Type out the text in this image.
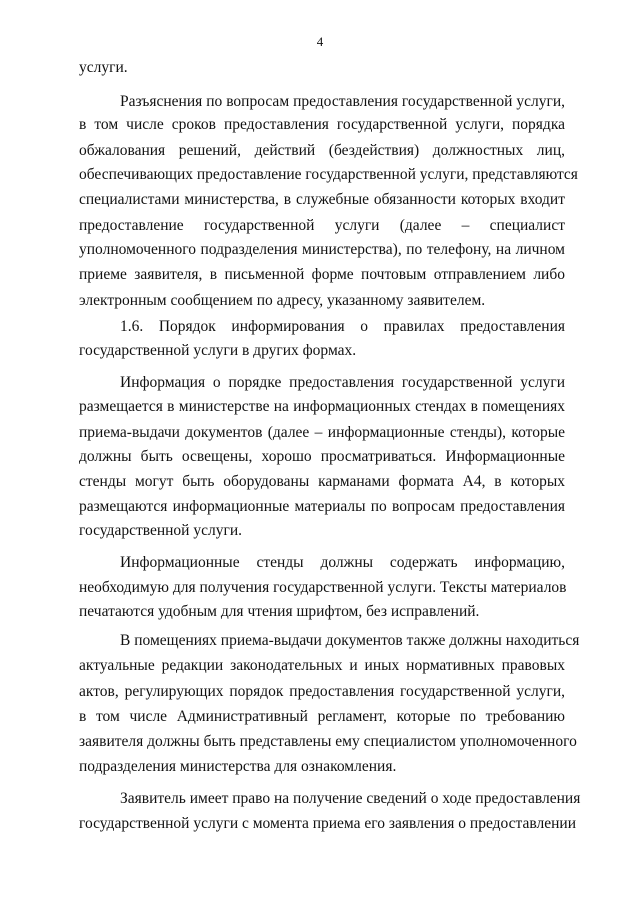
4
услуги.
Разъяснения по вопросам предоставления государственной услуги,
в том числе сроков предоставления государственной услуги, порядка
обжалования решений, действий (бездействия) должностных лиц,
обеспечивающих предоставление государственной услуги, представляются
специалистами министерства, в служебные обязанности которых входит
предоставление государственной услуги (далее – специалист
уполномоченного подразделения министерства), по телефону, на личном
приеме заявителя, в письменной форме почтовым отправлением либо
электронным сообщением по адресу, указанному заявителем.
1.6. Порядок информирования о правилах предоставления
государственной услуги в других формах.
Информация о порядке предоставления государственной услуги
размещается в министерстве на информационных стендах в помещениях
приема-выдачи документов (далее – информационные стенды), которые
должны быть освещены, хорошо просматриваться. Информационные
стенды могут быть оборудованы карманами формата А4, в которых
размещаются информационные материалы по вопросам предоставления
государственной услуги.
Информационные стенды должны содержать информацию,
необходимую для получения государственной услуги. Тексты материалов
печатаются удобным для чтения шрифтом, без исправлений.
В помещениях приема-выдачи документов также должны находиться
актуальные редакции законодательных и иных нормативных правовых
актов, регулирующих порядок предоставления государственной услуги,
в том числе Административный регламент, которые по требованию
заявителя должны быть представлены ему специалистом уполномоченного
подразделения министерства для ознакомления.
Заявитель имеет право на получение сведений о ходе предоставления
государственной услуги с момента приема его заявления о предоставлении
